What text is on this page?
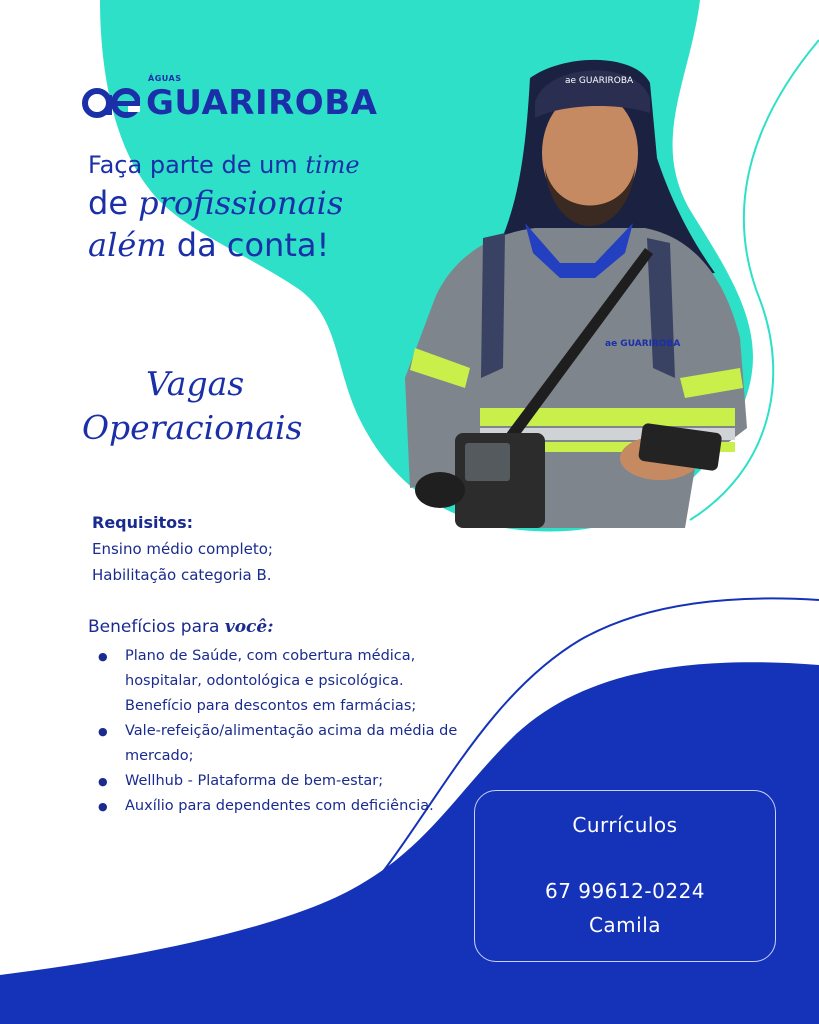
ÁGUAS
GUARIROBA
Faça parte de um time
de profissionais
além da conta!
Vagas
Operacionais
ae GUARIROBA
ae GUARIROBA
Requisitos:
Ensino médio completo;
Habilitação categoria B.
Benefícios para você:
● Plano de Saúde, com cobertura médica, hospitalar, odontológica e psicológica. Benefício para descontos em farmácias;
● Vale-refeição/alimentação acima da média de mercado;
● Wellhub - Plataforma de bem-estar;
● Auxílio para dependentes com deficiência.
Currículos
67 99612-0224
Camila
